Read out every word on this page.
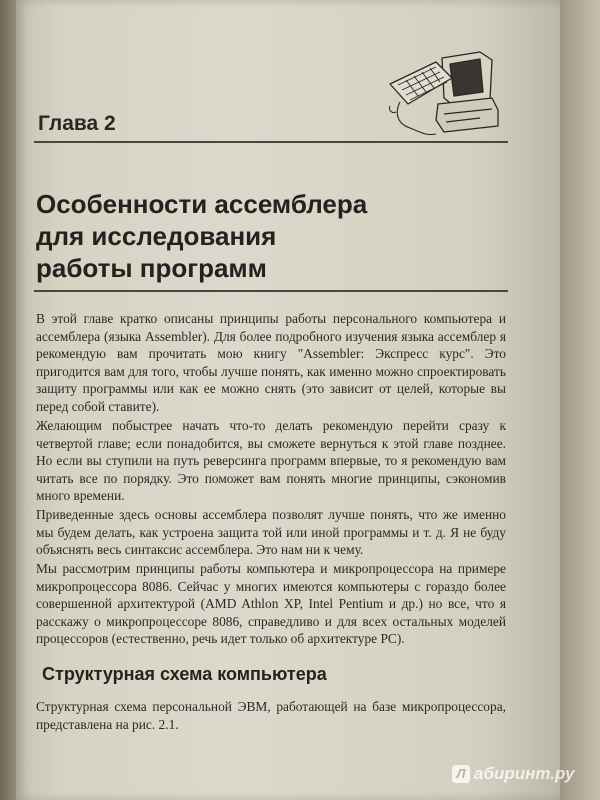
Глава 2
Особенности ассемблера
для исследования
работы программ

В этой главе кратко описаны принципы работы персонального компьютера и ассемблера (языка Assembler). Для более подробного изучения языка ассемблер я рекомендую вам прочитать мою книгу "Assembler: Экспресс курс". Это пригодится вам для того, чтобы лучше понять, как именно можно спроектировать защиту программы или как ее можно снять (это зависит от целей, которые вы перед собой ставите).

Желающим побыстрее начать что-то делать рекомендую перейти сразу к четвертой главе; если понадобится, вы сможете вернуться к этой главе позднее. Но если вы ступили на путь реверсинга программ впервые, то я рекомендую вам читать все по порядку. Это поможет вам понять многие принципы, сэкономив много времени.

Приведенные здесь основы ассемблера позволят лучше понять, что же именно мы будем делать, как устроена защита той или иной программы и т. д. Я не буду объяснять весь синтаксис ассемблера. Это нам ни к чему.

Мы рассмотрим принципы работы компьютера и микропроцессора на примере микропроцессора 8086. Сейчас у многих имеются компьютеры с гораздо более совершенной архитектурой (AMD Athlon XP, Intel Pentium и др.) но все, что я расскажу о микропроцессоре 8086, справедливо и для всех остальных моделей процессоров (естественно, речь идет только об архитектуре PC).

Структурная схема компьютера

Структурная схема персональной ЭВМ, работающей на базе микропроцессора, представлена на рис. 2.1.

Л абиринт.ру
